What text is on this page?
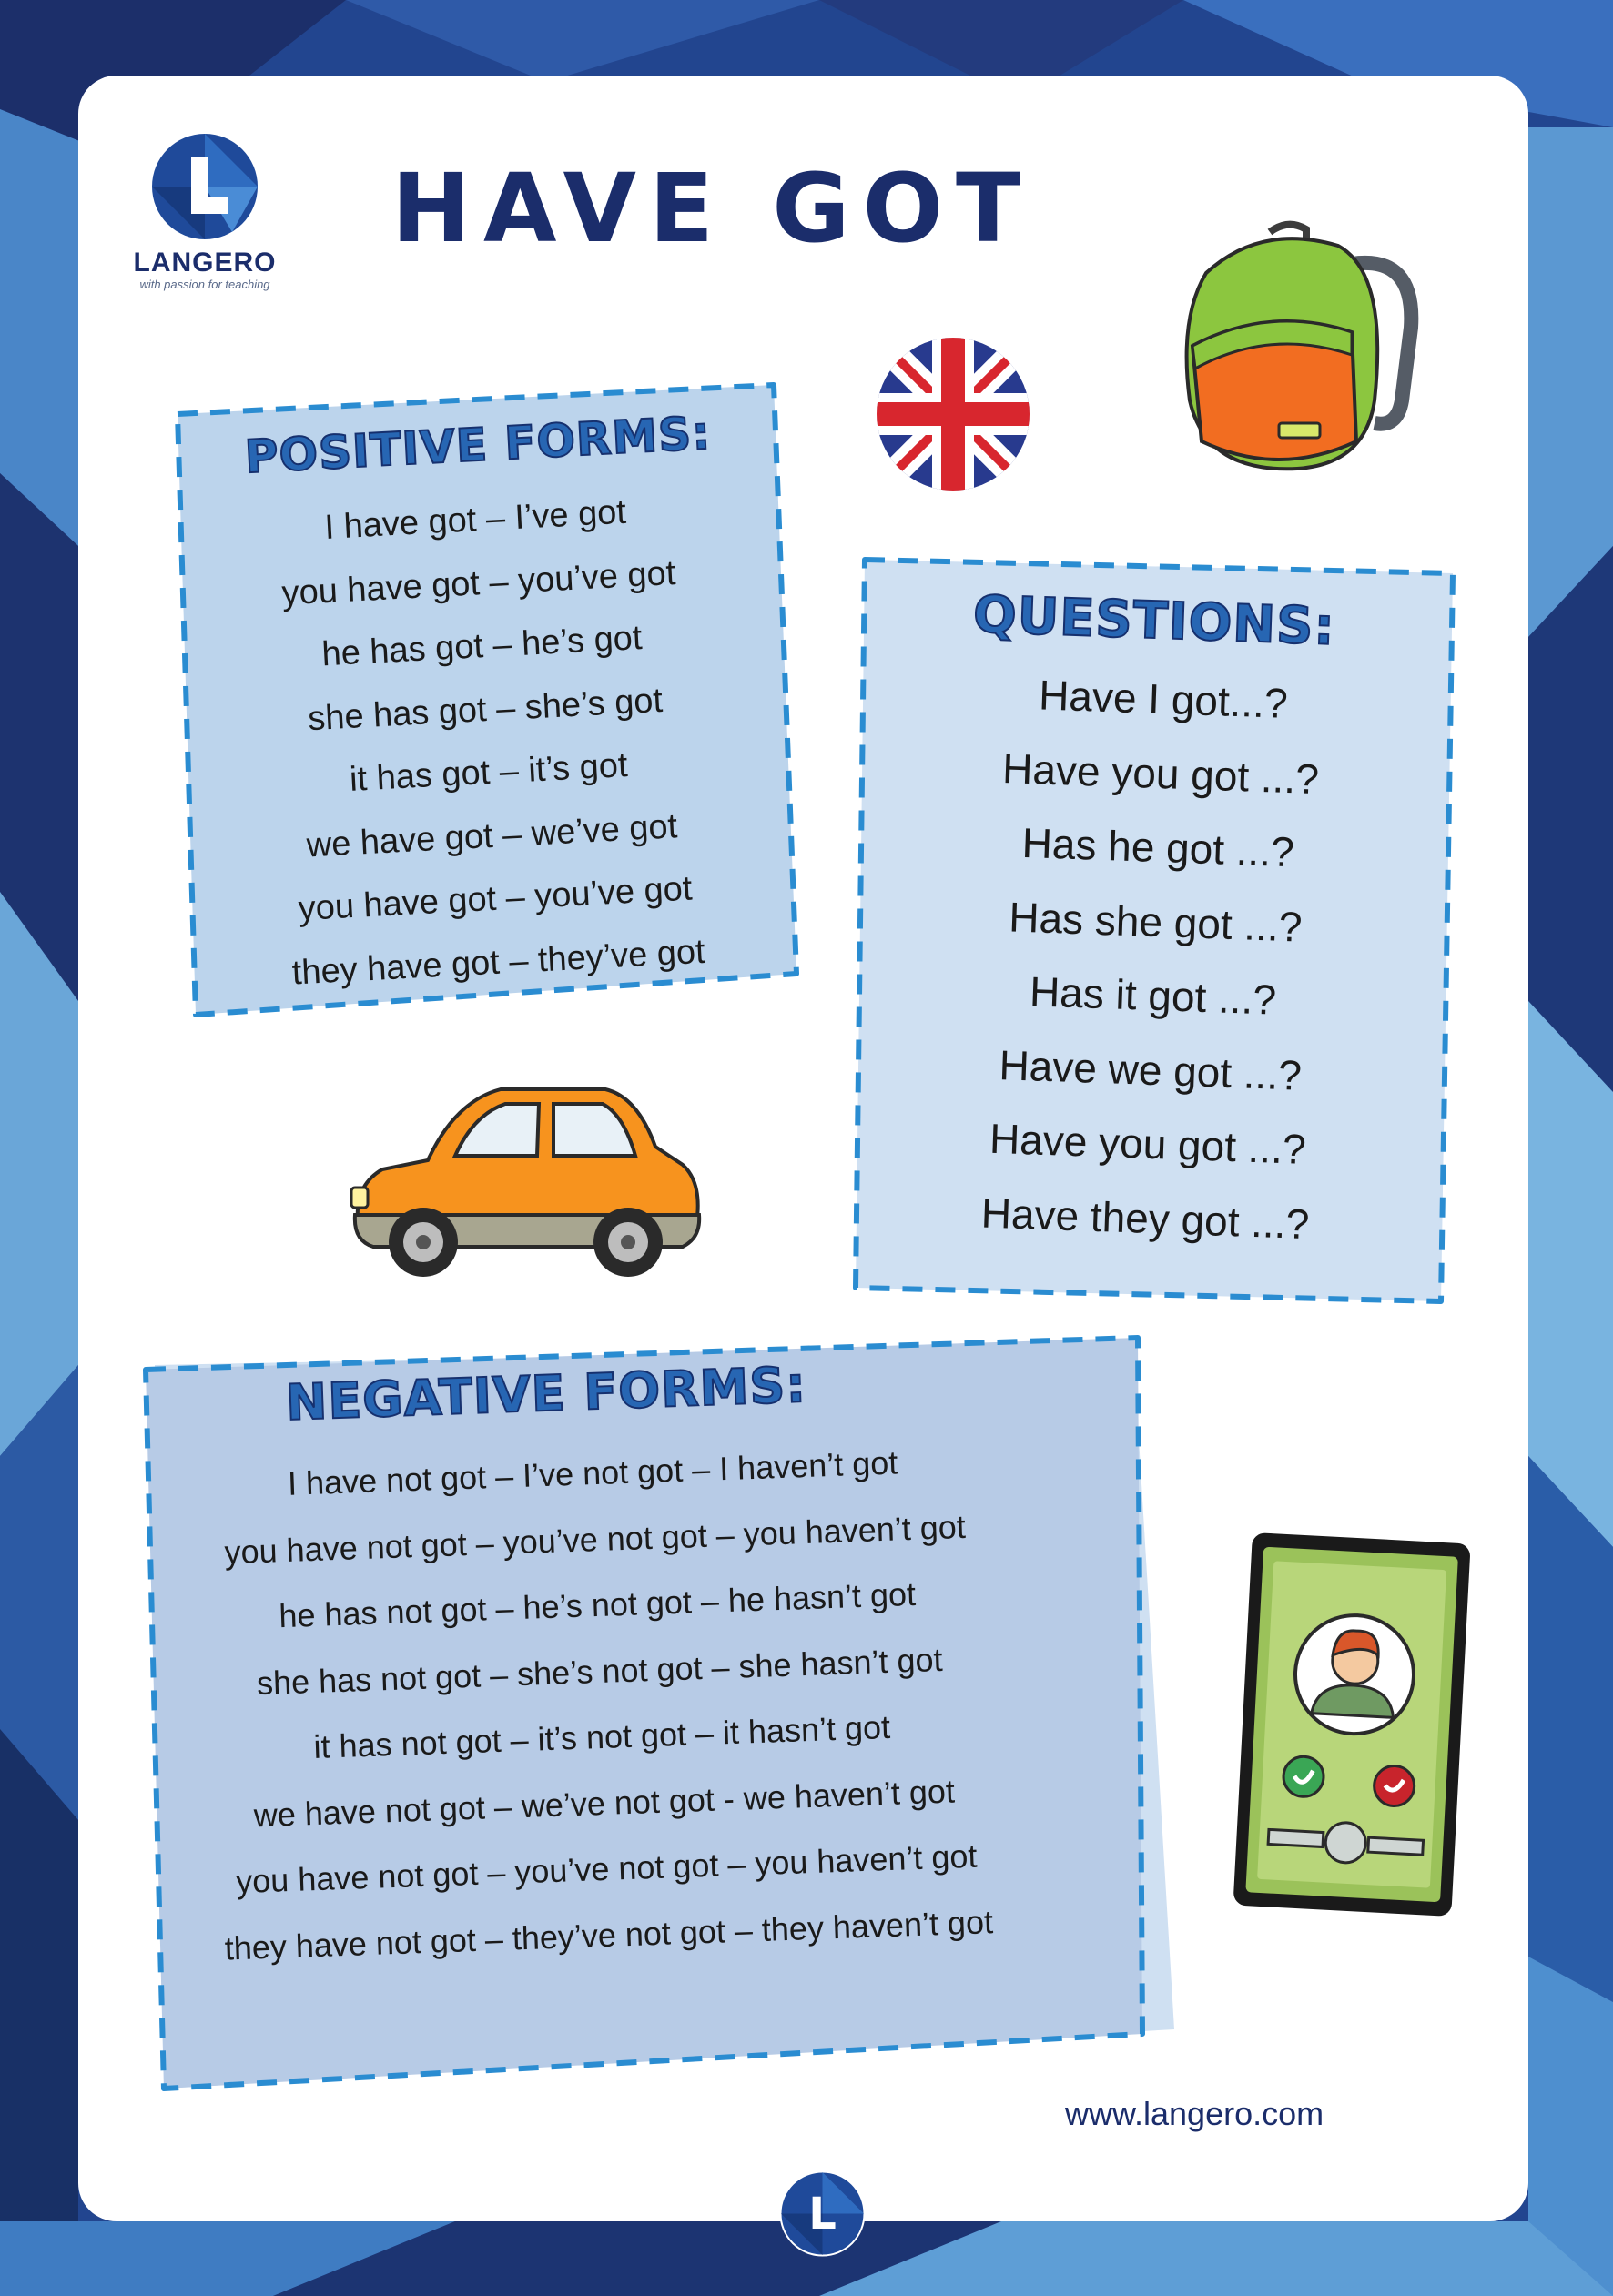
LANGERO
with passion for teaching
HAVE GOT
POSITIVE FORMS:
I have got – I’ve got
you have got – you’ve got
he has got – he’s got
she has got – she’s got
it has got – it’s got
we have got – we’ve got
you have got – you’ve got
they have got – they’ve got
QUESTIONS:
Have I got...?
Have you got ...?
Has he got ...?
Has she got ...?
Has it got ...?
Have we got ...?
Have you got ...?
Have they got ...?
NEGATIVE FORMS:
I have not got – I’ve not got – I haven’t got
you have not got – you’ve not got – you haven’t got
he has not got – he’s not got – he hasn’t got
she has not got – she’s not got – she hasn’t got
it has not got – it’s not got – it hasn’t got
we have not got – we’ve not got - we haven’t got
you have not got – you’ve not got – you haven’t got
they have not got – they’ve not got – they haven’t got
www.langero.com
L
